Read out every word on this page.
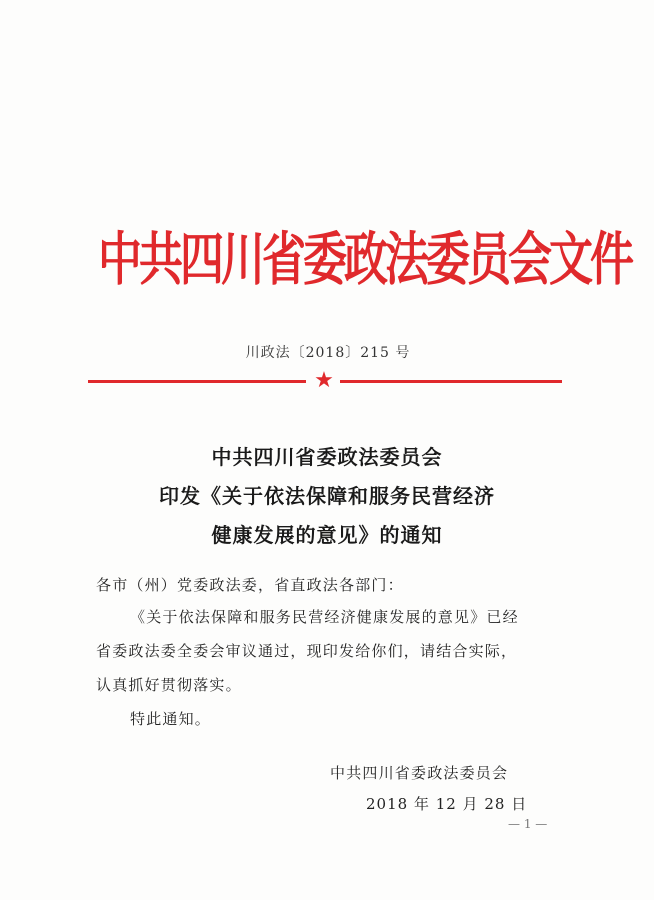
中共四川省委政法委员会文件
川政法〔2018〕215 号
★
中共四川省委政法委员会
印发《关于依法保障和服务民营经济
健康发展的意见》的通知
各市（州）党委政法委，省直政法各部门：
《关于依法保障和服务民营经济健康发展的意见》已经
省委政法委全委会审议通过，现印发给你们，请结合实际，
认真抓好贯彻落实。
特此通知。
中共四川省委政法委员会
2018 年 12 月 28 日
— 1 —
